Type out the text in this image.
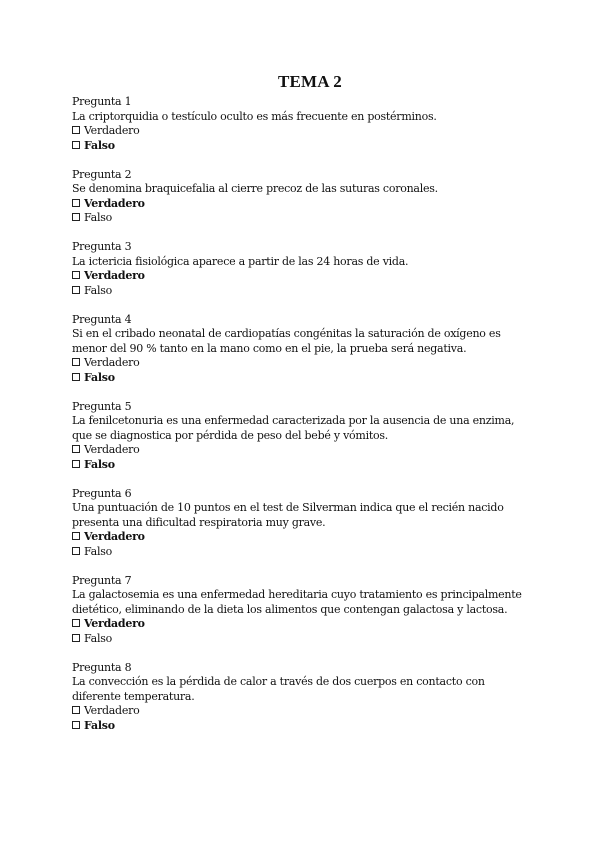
TEMA 2
Pregunta 1
La criptorquidia o testículo oculto es más frecuente en postérminos.
Verdadero
Falso
Pregunta 2
Se denomina braquicefalia al cierre precoz de las suturas coronales.
Verdadero
Falso
Pregunta 3
La ictericia fisiológica aparece a partir de las 24 horas de vida.
Verdadero
Falso
Pregunta 4
Si en el cribado neonatal de cardiopatías congénitas la saturación de oxígeno es menor del 90 % tanto en la mano como en el pie, la prueba será negativa.
Verdadero
Falso
Pregunta 5
La fenilcetonuria es una enfermedad caracterizada por la ausencia de una enzima, que se diagnostica por pérdida de peso del bebé y vómitos.
Verdadero
Falso
Pregunta 6
Una puntuación de 10 puntos en el test de Silverman indica que el recién nacido presenta una dificultad respiratoria muy grave.
Verdadero
Falso
Pregunta 7
La galactosemia es una enfermedad hereditaria cuyo tratamiento es principalmente dietético, eliminando de la dieta los alimentos que contengan galactosa y lactosa.
Verdadero
Falso
Pregunta 8
La convección es la pérdida de calor a través de dos cuerpos en contacto con diferente temperatura.
Verdadero
Falso
